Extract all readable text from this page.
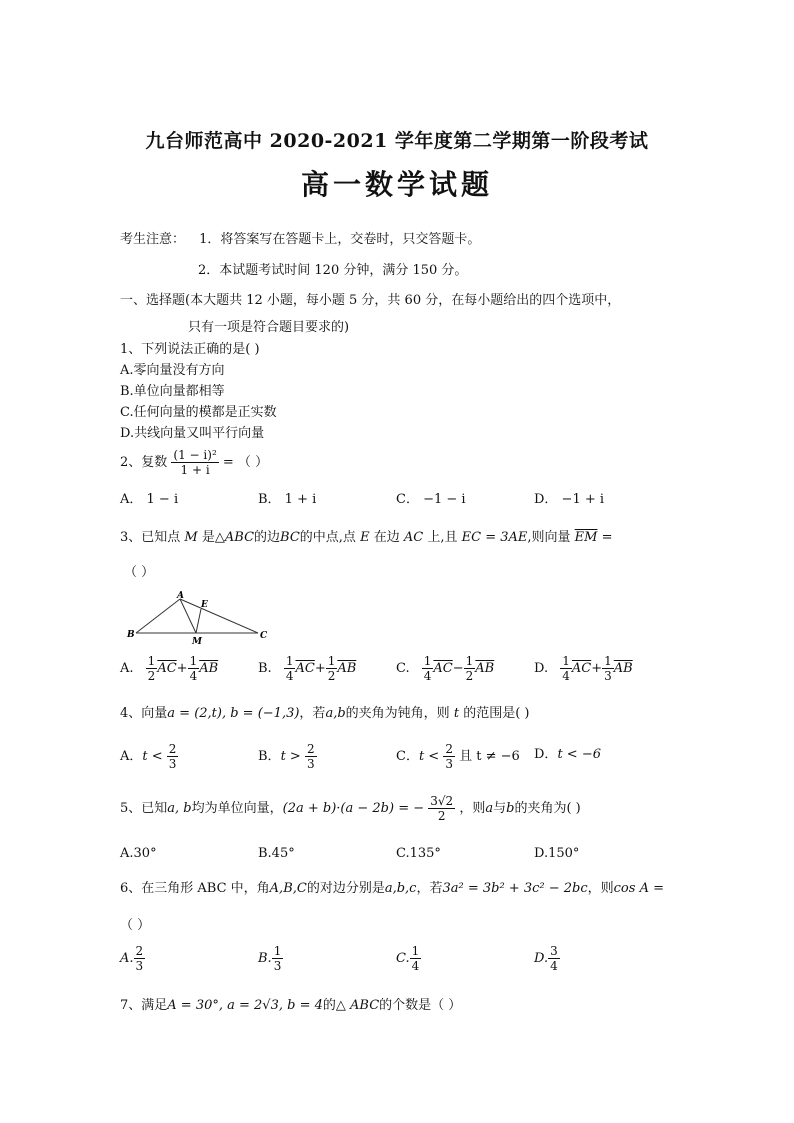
九台师范高中 2020-2021 学年度第二学期第一阶段考试
高一数学试题
考生注意： 1．将答案写在答题卡上，交卷时，只交答题卡。
2．本试题考试时间 120 分钟，满分 150 分。
一、选择题(本大题共 12 小题，每小题 5 分，共 60 分，在每小题给出的四个选项中，
只有一项是符合题目要求的)
1、下列说法正确的是( )
A.零向量没有方向
B.单位向量都相等
C.任何向量的模都是正实数
D.共线向量又叫平行向量
2、复数 $\frac{\text{(1 − i)²}}{1 + i}$ = （ ）
A． 1 − i	B． 1 + i	C． −1 − i	D． −1 + i
3、已知点 M 是△ABC的边BC的中点,点 E 在边 AC 上,且 EC = 3AE,则向量 $\overline{EM}$ =
（ ）
A
B	C
E
M
A. $\frac{1}{2} \overline{AC}+ \frac{1}{4} \overline{AB}$	B. $\frac{1}{4} \overline{AC}+ \frac{1}{2} \overline{AB}$	C. $\frac{1}{4} \overline{AC}- \frac{1}{2} \overline{AB}$	D. $\frac{1}{4} \overline{AC}+ \frac{1}{3} \overline{AB}$
4、向量a = (2,t), b = (−1,3)，若a,b的夹角为钝角，则 t 的范围是( )
A．$t < \frac{2}{3}$	B．$t > \frac{2}{3}$	C．$t < \frac{2}{3}$ 且 t ≠ −6 D．t < −6
5、已知a, b均为单位向量，(2a + b)·(a − 2b) = − $\frac{3√2}{2}$ ，则a与b的夹角为( )
A.30°	B.45°	C.135°	D.150°
6、在三角形 ABC 中，角A,B,C的对边分别是a,b,c，若3a² = 3b² + 3c² − 2bc，则cos A =
（ ）
A. $\frac{2}{3}$	B. $\frac{1}{3}$	C. $\frac{1}{4}$	D. $\frac{3}{4}$
7、满足A = 30°, a = 2√3, b = 4的△ ABC的个数是（ ）
